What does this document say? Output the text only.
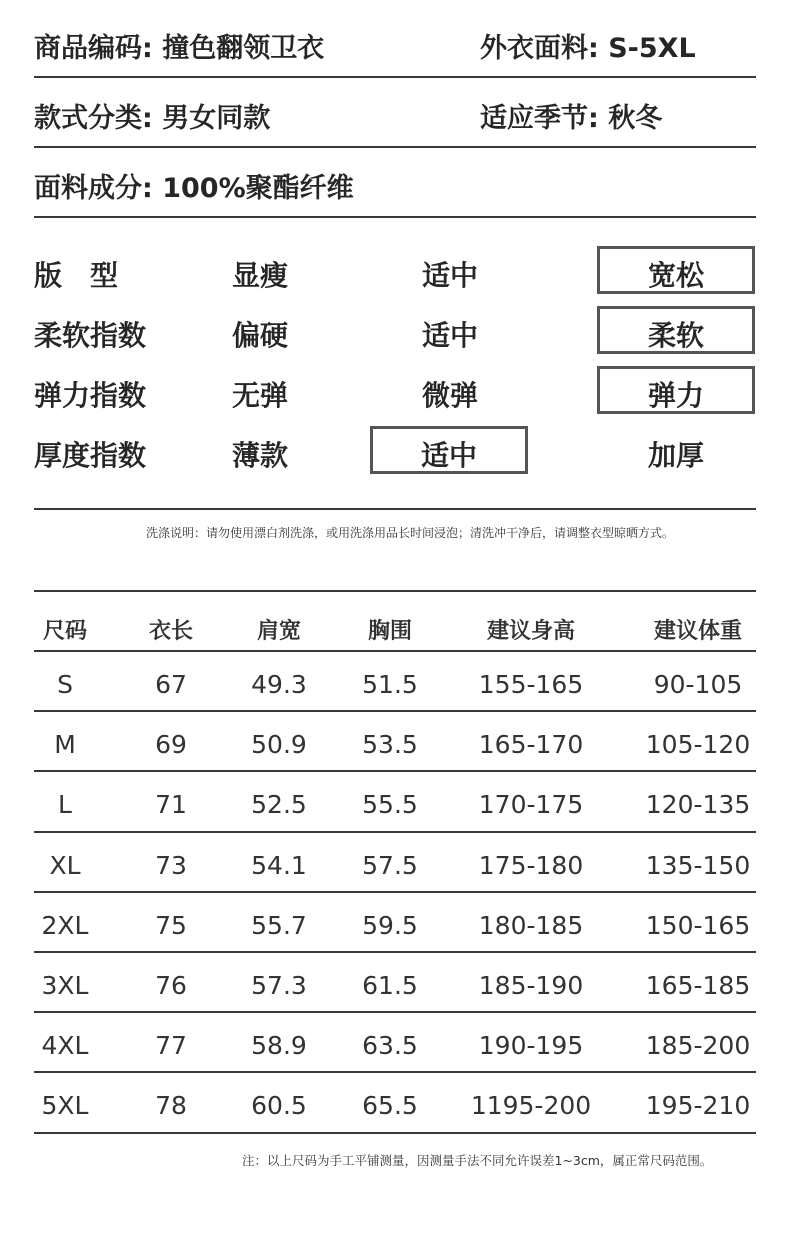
商品编码: 撞色翻领卫衣	外衣面料: S-5XL
款式分类: 男女同款	适应季节: 秋冬
面料成分: 100%聚酯纤维
版　型	显瘦	适中	宽松
柔软指数	偏硬	适中	柔软
弹力指数	无弹	微弹	弹力
厚度指数	薄款	适中	加厚
洗涤说明：请勿使用漂白剂洗涤，或用洗涤用品长时间浸泡；清洗冲干净后，请调整衣型晾晒方式。
尺码	衣长	肩宽	胸围	建议身高	建议体重
S	67	49.3	51.5	155-165	90-105
M	69	50.9	53.5	165-170	105-120
L	71	52.5	55.5	170-175	120-135
XL	73	54.1	57.5	175-180	135-150
2XL	75	55.7	59.5	180-185	150-165
3XL	76	57.3	61.5	185-190	165-185
4XL	77	58.9	63.5	190-195	185-200
5XL	78	60.5	65.5	1195-200	195-210
注：以上尺码为手工平铺测量，因测量手法不同允许误差1~3cm，属正常尺码范围。
